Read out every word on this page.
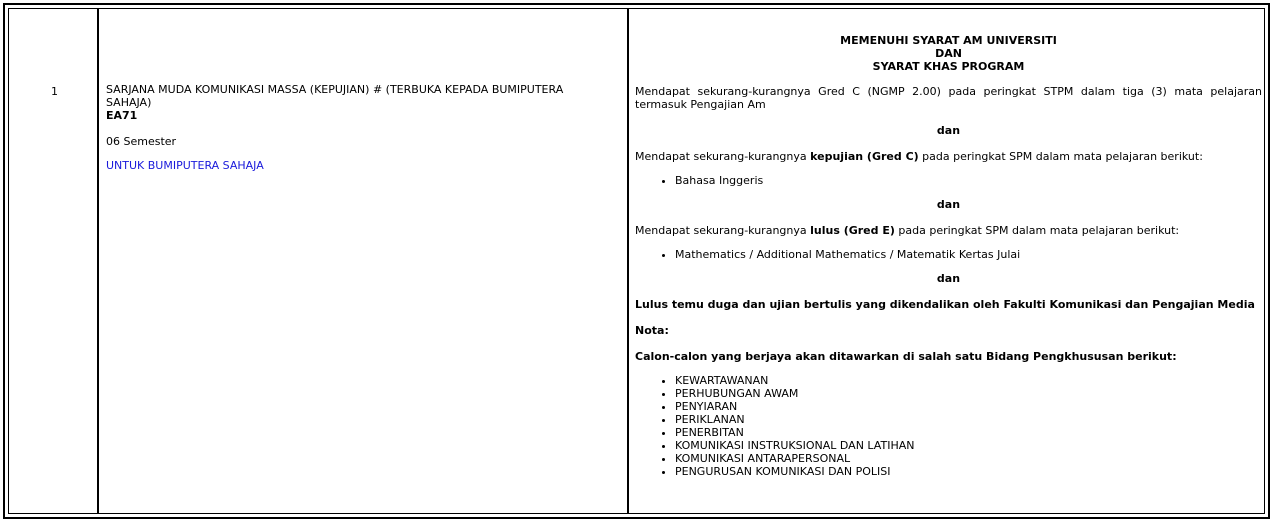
1	SARJANA MUDA KOMUNIKASI MASSA (KEPUJIAN) # (TERBUKA KEPADA BUMIPUTERA SAHAJA)
EA71
06 Semester
UNTUK BUMIPUTERA SAHAJA
MEMENUHI SYARAT AM UNIVERSITI
DAN
SYARAT KHAS PROGRAM

Mendapat sekurang-kurangnya Gred C (NGMP 2.00) pada peringkat STPM dalam tiga (3) mata pelajaran termasuk Pengajian Am

dan

Mendapat sekurang-kurangnya kepujian (Gred C) pada peringkat SPM dalam mata pelajaran berikut:

• Bahasa Inggeris

dan

Mendapat sekurang-kurangnya lulus (Gred E) pada peringkat SPM dalam mata pelajaran berikut:

• Mathematics / Additional Mathematics / Matematik Kertas Julai

dan

Lulus temu duga dan ujian bertulis yang dikendalikan oleh Fakulti Komunikasi dan Pengajian Media

Nota:

Calon-calon yang berjaya akan ditawarkan di salah satu Bidang Pengkhususan berikut:

• KEWARTAWANAN
• PERHUBUNGAN AWAM
• PENYIARAN
• PERIKLANAN
• PENERBITAN
• KOMUNIKASI INSTRUKSIONAL DAN LATIHAN
• KOMUNIKASI ANTARAPERSONAL
• PENGURUSAN KOMUNIKASI DAN POLISI
